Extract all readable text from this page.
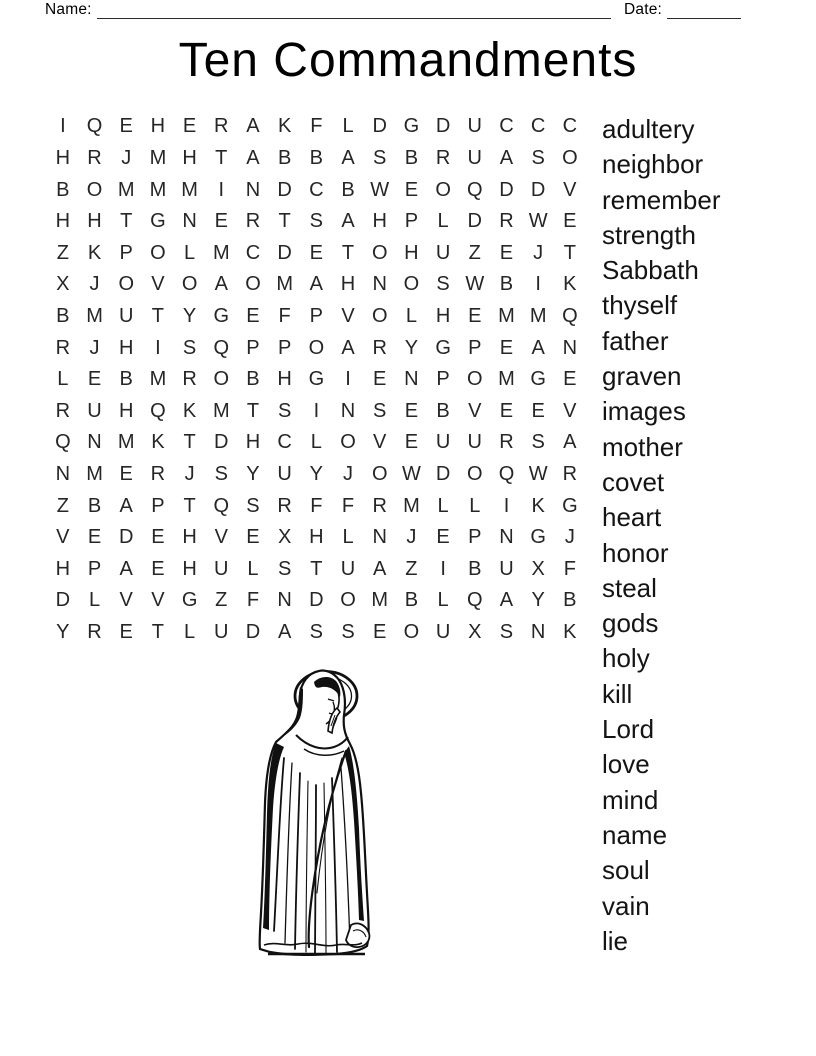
Name:	Date:
Ten Commandments
I	Q E H E R A K F	L D G D U C C C
H R J M H T A B B A S B R U A S O
B O M M M	I	N D C B W E O Q D D V
H H T G N E R T S A H P L D R W E
Z K P O L M C D E T O H U Z E	J	T
X	J O V O A O M A H N O S W B	I	K
B M U T Y G E F P V O L H E M M Q
R J H	I	S Q P P O A R Y G P E A N
L E B M R O B H G	I	E N P O M G E
R U H Q K M T S	I	N S E B V E E V
Q N M K T D H C L O V E U U R S A
N M E R J	S Y U Y	J O W D O Q W R
Z B A P T Q S R F F R M L	L	I	K G
V E D E H V E X H L N J	E P N G J
H P A E H U L S T U A Z	I	B U X F
D L V V G Z F N D O M B L Q A Y B
Y R E T	L U D A S S E O U X S N K
adultery
neighbor
remember
strength
Sabbath
thyself
father
graven
images
mother
covet
heart
honor
steal
gods
holy
kill
Lord
love
mind
name
soul
vain
lie
